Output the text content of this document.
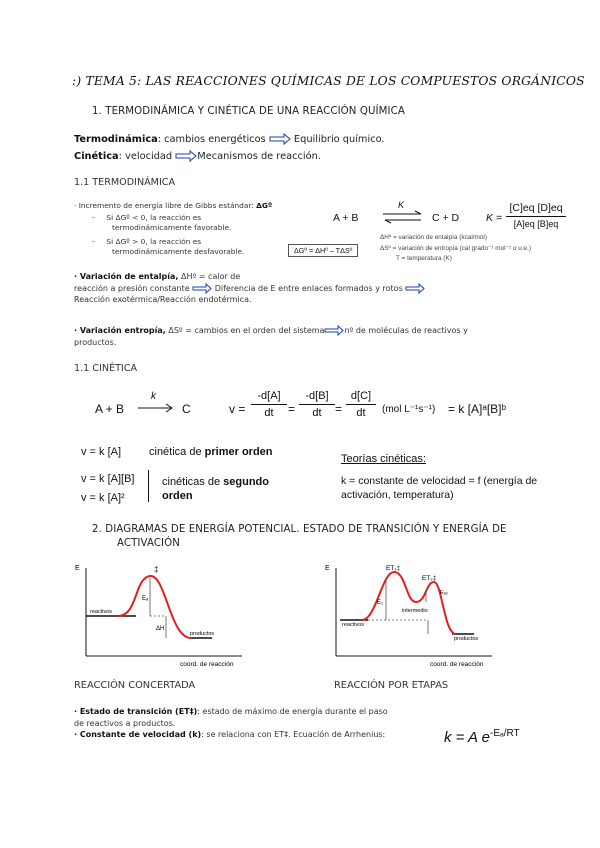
:) TEMA 5: LAS REACCIONES QUÍMICAS DE LOS COMPUESTOS ORGÁNICOS
1. TERMODINÁMICA Y CINÉTICA DE UNA REACCIÓN QUÍMICA
Termodinámica: cambios energéticos	Equilibrio químico.
Cinética: velocidad	Mecanismos de reacción.
1.1 TERMODINÁMICA
· Incremento de energía libre de Gibbs estándar: ΔGº
-     Si ΔGº < 0, la reacción es
termodinámicamente favorable.
-     Si ΔGº > 0, la reacción es
termodinámicamente desfavorable.	ΔGº = ΔHº – TΔSº
A + B
K
⇌ C + D	K =
[C]eq [D]eq
[A]eq [B]eq
ΔHº = variación de entalpía (kcal/mol)
ΔSº = variación de entropía (cal grado⁻¹ mol⁻¹ o u.e.)
T = temperatura (K)
· Variación de entalpía, ΔHº = calor de
reacción a presión constante	Diferencia de E entre enlaces formados y rotos
Reacción exotérmica/Reacción endotérmica.
· Variación entropía, ΔSº = cambios en el orden del sistema	nº de moléculas de reactivos y
productos.
1.1 CINÉTICA
A + B
k
→ C	v =
-d[A]
dt	=
-d[B]
dt	=
d[C]
dt	(mol L⁻¹s⁻¹) = k [A]ᵃ[B]ᵇ
v = k [A]	cinética de primer orden
v = k [A][B]
v = k [A]²
cinéticas de segundo
orden
Teorías cinéticas:
k = constante de velocidad = f (energía de
activación, temperatura)
2. DIAGRAMAS DE ENERGÍA POTENCIAL. ESTADO DE TRANSICIÓN Y ENERGÍA DE
ACTIVACIÓN
E
coord. de reacción
reactivos
productos
‡
Eₐ
ΔH
E
coord. de reacción
ET₁‡
ET₂‡
intermedio
E₁
Eₐ₂
reactivos
productos
REACCIÓN CONCERTADA	REACCIÓN POR ETAPAS
· Estado de transición (ET‡): estado de máximo de energía durante el paso
de reactivos a productos.
· Constante de velocidad (k): se relaciona con ET‡. Ecuación de Arrhenius:	k = A $e^{-E_a/RT}$
